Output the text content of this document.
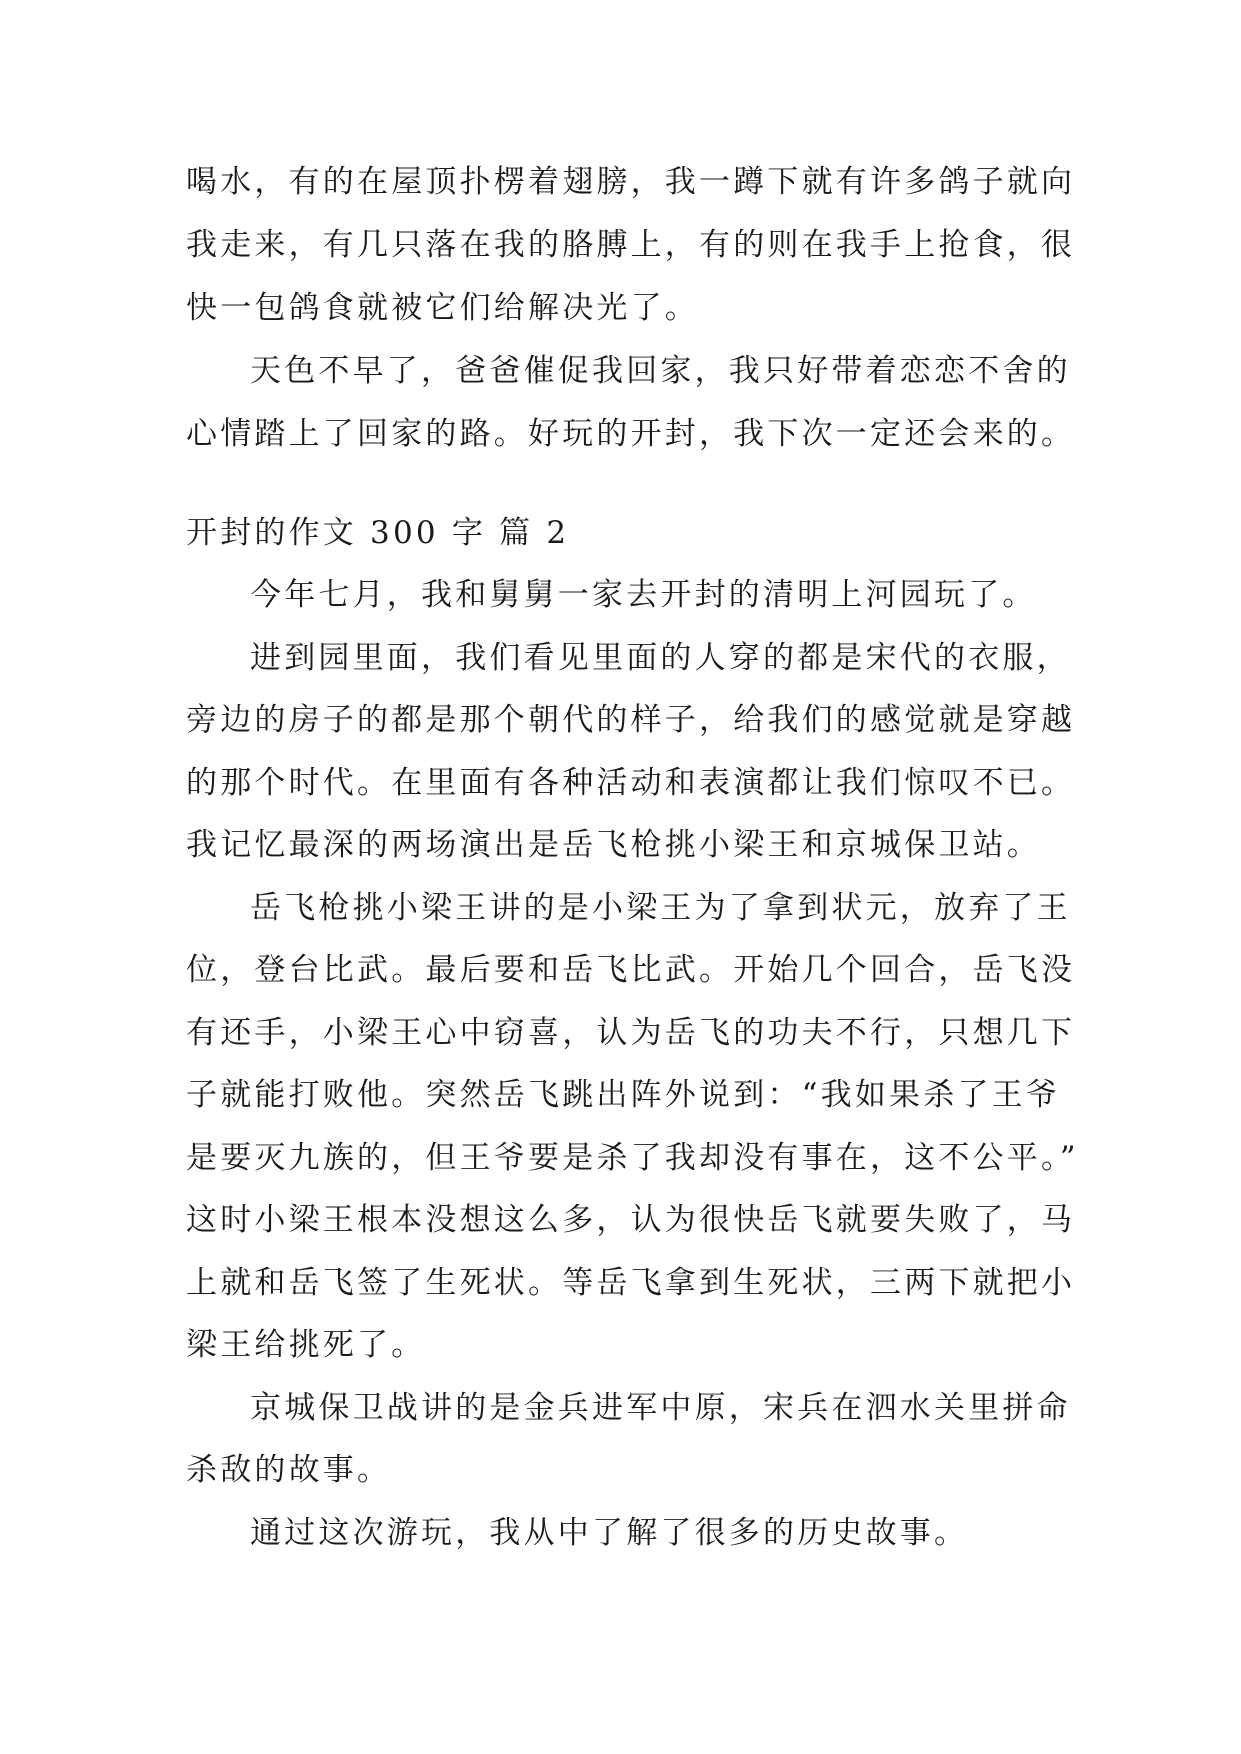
喝水，有的在屋顶扑楞着翅膀，我一蹲下就有许多鸽子就向
我走来，有几只落在我的胳膊上，有的则在我手上抢食，很
快一包鸽食就被它们给解决光了。
天色不早了，爸爸催促我回家，我只好带着恋恋不舍的
心情踏上了回家的路。好玩的开封，我下次一定还会来的。
开封的作文 300 字 篇 2
今年七月，我和舅舅一家去开封的清明上河园玩了。
进到园里面，我们看见里面的人穿的都是宋代的衣服，
旁边的房子的都是那个朝代的样子，给我们的感觉就是穿越
的那个时代。在里面有各种活动和表演都让我们惊叹不已。
我记忆最深的两场演出是岳飞枪挑小梁王和京城保卫站。
岳飞枪挑小梁王讲的是小梁王为了拿到状元，放弃了王
位，登台比武。最后要和岳飞比武。开始几个回合，岳飞没
有还手，小梁王心中窃喜，认为岳飞的功夫不行，只想几下
子就能打败他。突然岳飞跳出阵外说到：“我如果杀了王爷
是要灭九族的，但王爷要是杀了我却没有事在，这不公平。”
这时小梁王根本没想这么多，认为很快岳飞就要失败了，马
上就和岳飞签了生死状。等岳飞拿到生死状，三两下就把小
梁王给挑死了。
京城保卫战讲的是金兵进军中原，宋兵在泗水关里拼命
杀敌的故事。
通过这次游玩，我从中了解了很多的历史故事。
